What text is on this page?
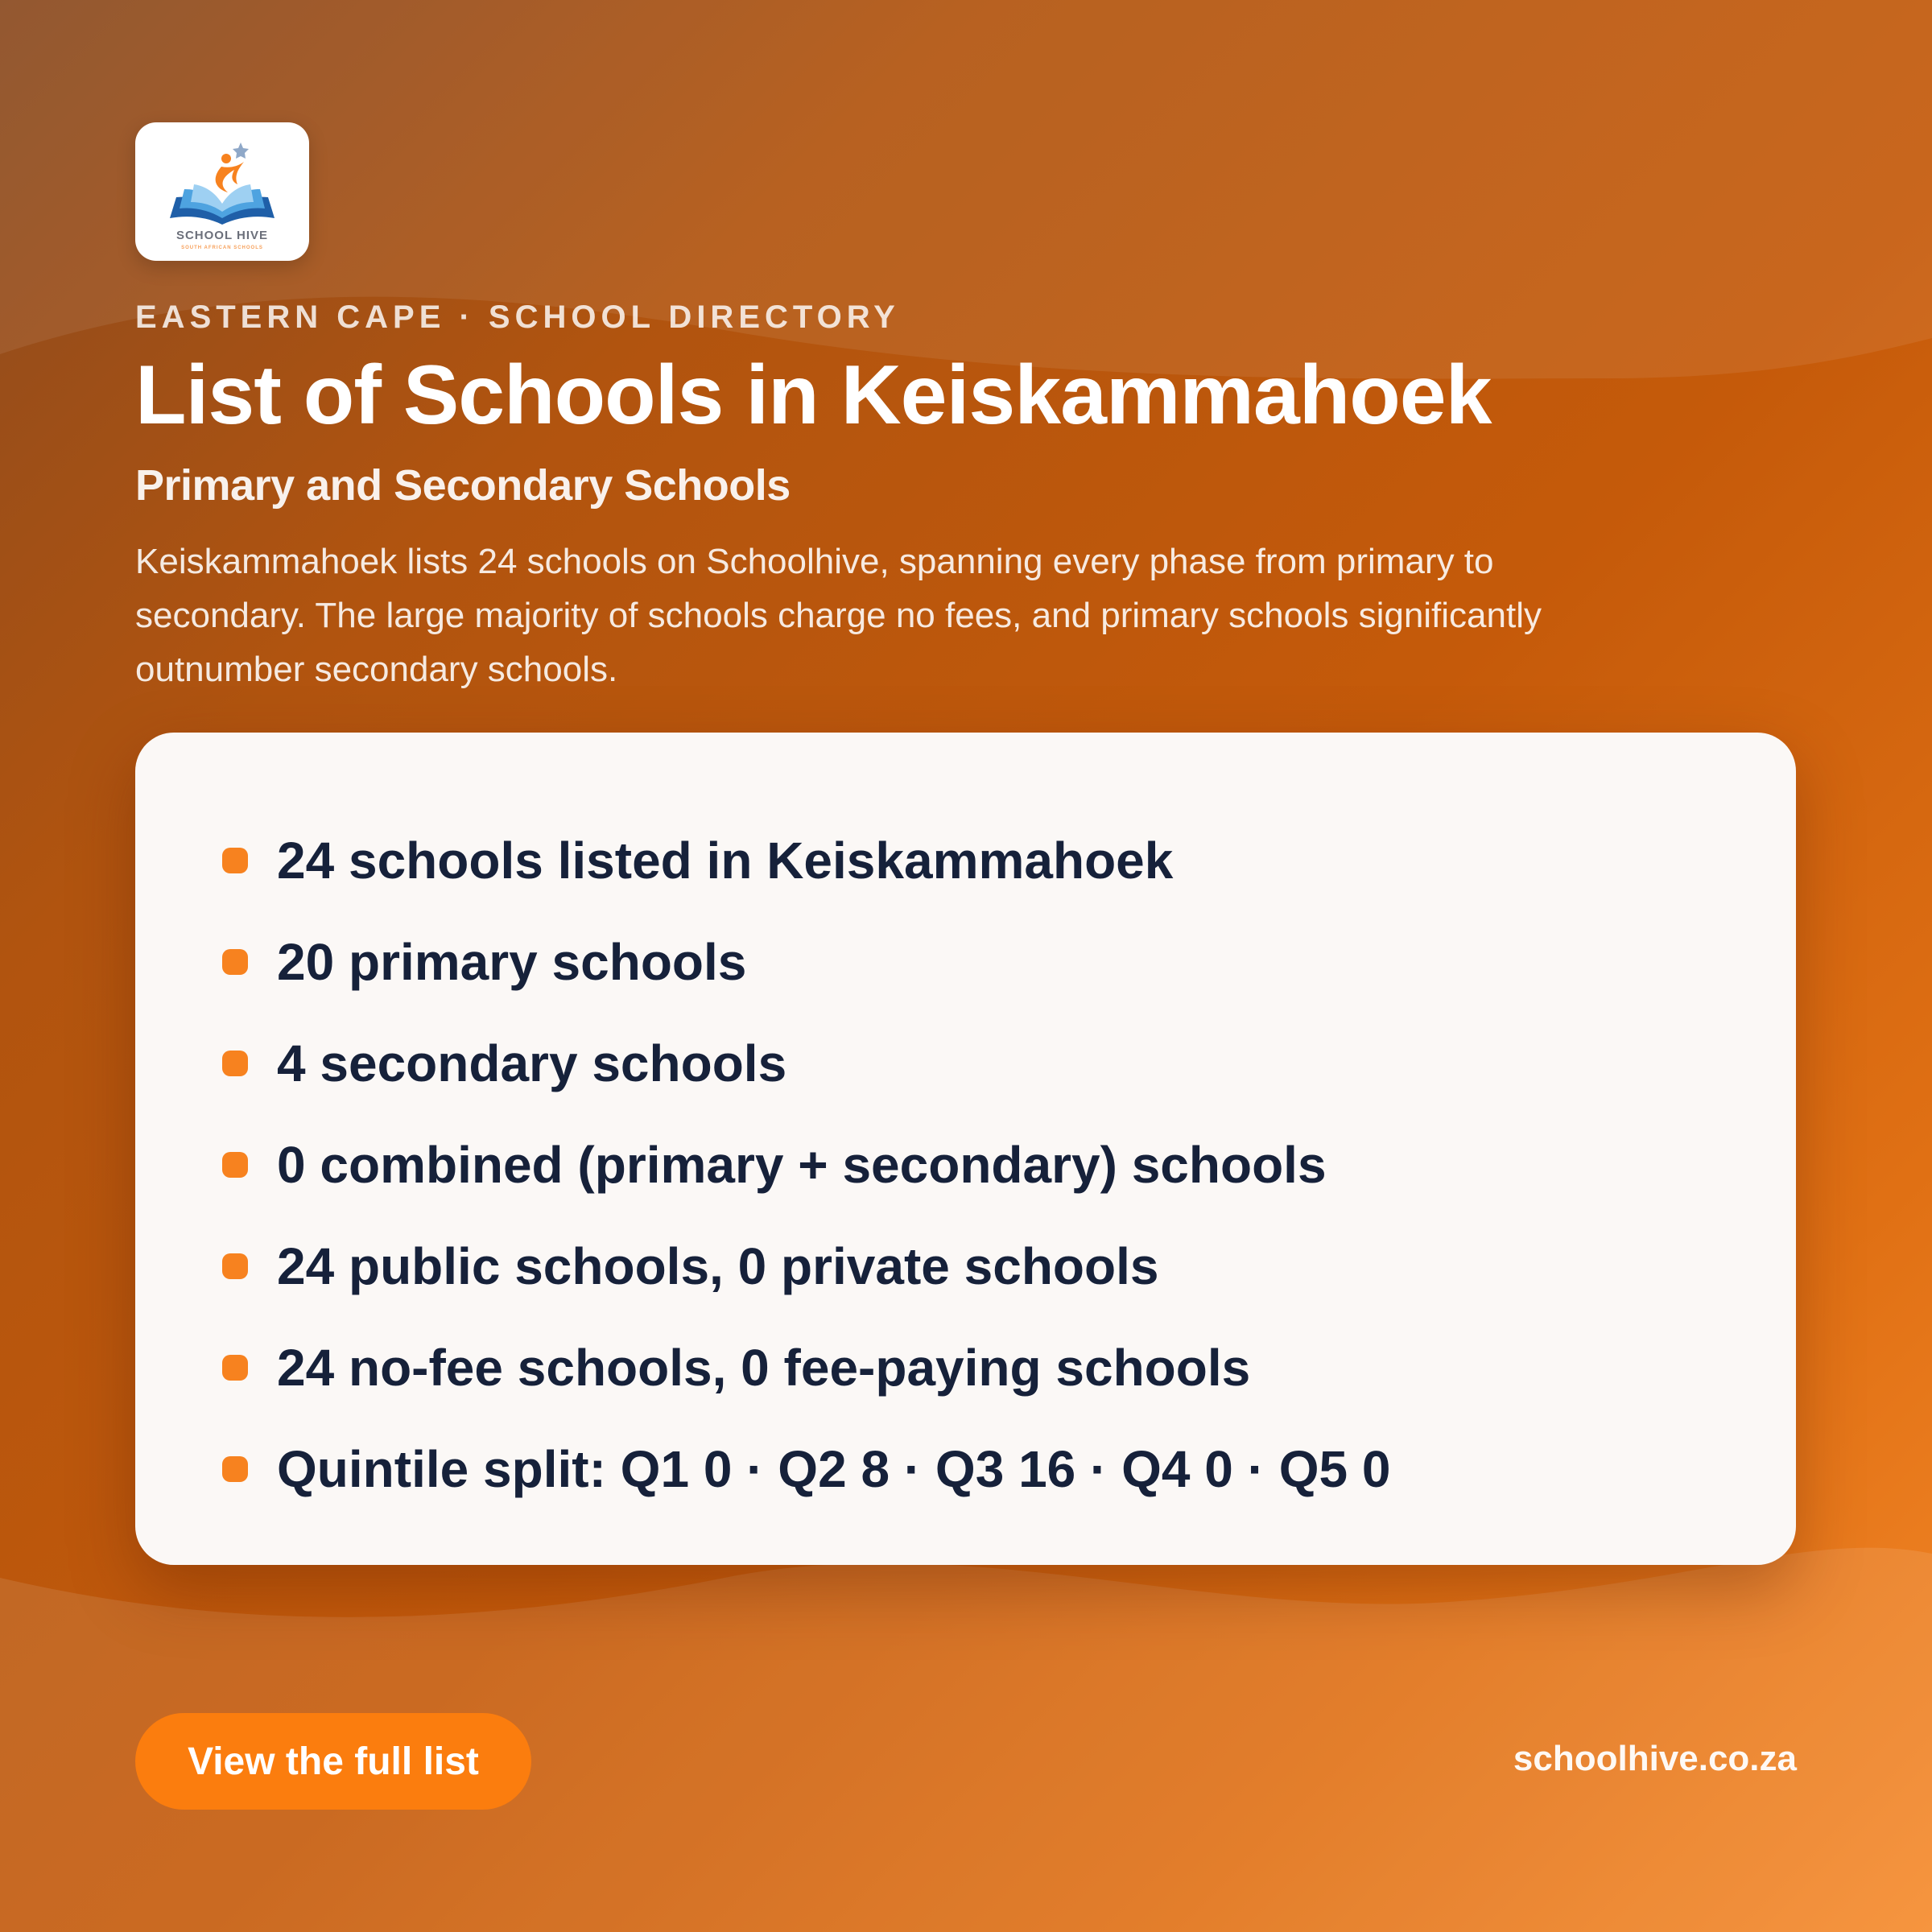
SCHOOL HIVE
SOUTH AFRICAN SCHOOLS
EASTERN CAPE · SCHOOL DIRECTORY
List of Schools in Keiskammahoek
Primary and Secondary Schools

Keiskammahoek lists 24 schools on Schoolhive, spanning every phase from primary to secondary. The large majority of schools charge no fees, and primary schools significantly outnumber secondary schools.

24 schools listed in Keiskammahoek
20 primary schools
4 secondary schools
0 combined (primary + secondary) schools
24 public schools, 0 private schools
24 no-fee schools, 0 fee-paying schools
Quintile split: Q1 0 · Q2 8 · Q3 16 · Q4 0 · Q5 0
View the full list	schoolhive.co.za
